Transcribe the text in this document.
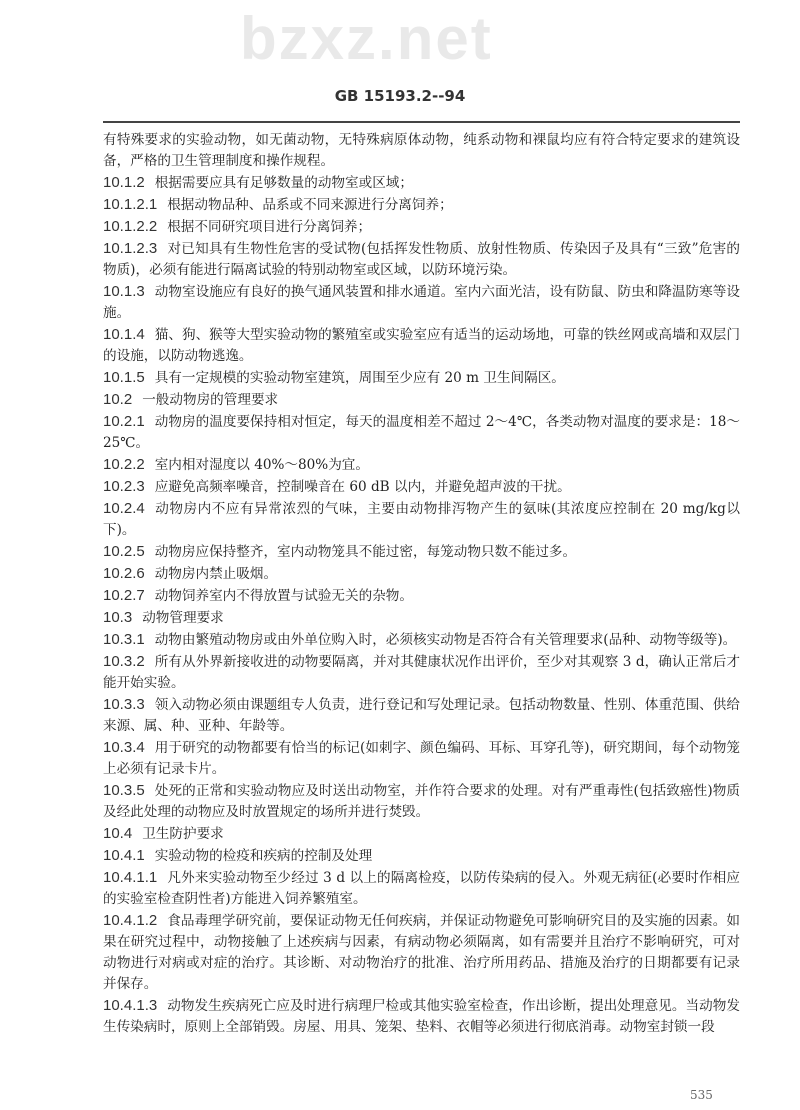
bzxz.net
GB 15193.2--94

有特殊要求的实验动物，如无菌动物，无特殊病原体动物，纯系动物和裸鼠均应有符合特定要求的建筑设备，严格的卫生管理制度和操作规程。

10.1.2 根据需要应具有足够数量的动物室或区域；

10.1.2.1 根据动物品种、品系或不同来源进行分离饲养；

10.1.2.2 根据不同研究项目进行分离饲养；

10.1.2.3 对已知具有生物性危害的受试物(包括挥发性物质、放射性物质、传染因子及具有“三致”危害的物质)，必须有能进行隔离试验的特别动物室或区域，以防环境污染。

10.1.3 动物室设施应有良好的换气通风装置和排水通道。室内六面光洁，设有防鼠、防虫和降温防寒等设施。

10.1.4 猫、狗、猴等大型实验动物的繁殖室或实验室应有适当的运动场地，可靠的铁丝网或高墙和双层门的设施，以防动物逃逸。

10.1.5 具有一定规模的实验动物室建筑，周围至少应有 20 m 卫生间隔区。

10.2 一般动物房的管理要求

10.2.1 动物房的温度要保持相对恒定，每天的温度相差不超过 2～4℃，各类动物对温度的要求是：18～25℃。

10.2.2 室内相对湿度以 40%～80%为宜。

10.2.3 应避免高频率噪音，控制噪音在 60 dB 以内，并避免超声波的干扰。

10.2.4 动物房内不应有异常浓烈的气味，主要由动物排泻物产生的氨味(其浓度应控制在 20 mg/kg以下)。

10.2.5 动物房应保持整齐，室内动物笼具不能过密，每笼动物只数不能过多。

10.2.6 动物房内禁止吸烟。

10.2.7 动物饲养室内不得放置与试验无关的杂物。

10.3 动物管理要求

10.3.1 动物由繁殖动物房或由外单位购入时，必须核实动物是否符合有关管理要求(品种、动物等级等)。

10.3.2 所有从外界新接收进的动物要隔离，并对其健康状况作出评价，至少对其观察 3 d，确认正常后才能开始实验。

10.3.3 领入动物必须由课题组专人负责，进行登记和写处理记录。包括动物数量、性别、体重范围、供给来源、属、种、亚种、年龄等。

10.3.4 用于研究的动物都要有恰当的标记(如刺字、颜色编码、耳标、耳穿孔等)，研究期间，每个动物笼上必须有记录卡片。

10.3.5 处死的正常和实验动物应及时送出动物室，并作符合要求的处理。对有严重毒性(包括致癌性)物质及经此处理的动物应及时放置规定的场所并进行焚毁。

10.4 卫生防护要求

10.4.1 实验动物的检疫和疾病的控制及处理

10.4.1.1 凡外来实验动物至少经过 3 d 以上的隔离检疫，以防传染病的侵入。外观无病征(必要时作相应的实验室检查阴性者)方能进入饲养繁殖室。

10.4.1.2 食品毒理学研究前，要保证动物无任何疾病，并保证动物避免可影响研究目的及实施的因素。如果在研究过程中，动物接触了上述疾病与因素，有病动物必须隔离，如有需要并且治疗不影响研究，可对动物进行对病或对症的治疗。其诊断、对动物治疗的批准、治疗所用药品、措施及治疗的日期都要有记录并保存。

10.4.1.3 动物发生疾病死亡应及时进行病理尸检或其他实验室检查，作出诊断，提出处理意见。当动物发生传染病时，原则上全部销毁。房屋、用具、笼架、垫料、衣帽等必须进行彻底消毒。动物室封锁一段

535
